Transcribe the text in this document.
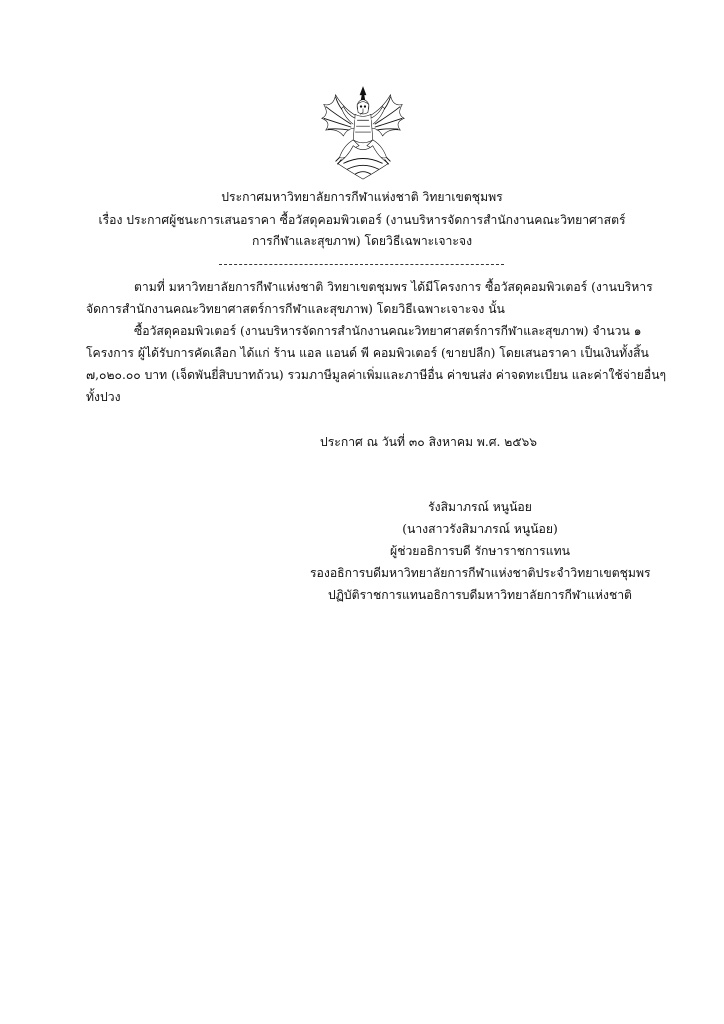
ประกาศมหาวิทยาลัยการกีฬาแห่งชาติ วิทยาเขตชุมพร
เรื่อง ประกาศผู้ชนะการเสนอราคา ซื้อวัสดุคอมพิวเตอร์ (งานบริหารจัดการสำนักงานคณะวิทยาศาสตร์
การกีฬาและสุขภาพ) โดยวิธีเฉพาะเจาะจง
ตามที่ มหาวิทยาลัยการกีฬาแห่งชาติ วิทยาเขตชุมพร ได้มีโครงการ ซื้อวัสดุคอมพิวเตอร์ (งานบริหาร
จัดการสำนักงานคณะวิทยาศาสตร์การกีฬาและสุขภาพ) โดยวิธีเฉพาะเจาะจง นั้น
ซื้อวัสดุคอมพิวเตอร์ (งานบริหารจัดการสำนักงานคณะวิทยาศาสตร์การกีฬาและสุขภาพ) จำนวน ๑
โครงการ ผู้ได้รับการคัดเลือก ได้แก่ ร้าน แอล แอนด์ พี คอมพิวเตอร์ (ขายปลีก) โดยเสนอราคา เป็นเงินทั้งสิ้น
๗,๐๒๐.๐๐ บาท (เจ็ดพันยี่สิบบาทถ้วน) รวมภาษีมูลค่าเพิ่มและภาษีอื่น ค่าขนส่ง ค่าจดทะเบียน และค่าใช้จ่ายอื่นๆ
ทั้งปวง
ประกาศ ณ วันที่ ๓๐ สิงหาคม พ.ศ. ๒๕๖๖
รังสิมาภรณ์ หนูน้อย
(นางสาวรังสิมาภรณ์ หนูน้อย)
ผู้ช่วยอธิการบดี รักษาราชการแทน
รองอธิการบดีมหาวิทยาลัยการกีฬาแห่งชาติประจำวิทยาเขตชุมพร
ปฏิบัติราชการแทนอธิการบดีมหาวิทยาลัยการกีฬาแห่งชาติ
